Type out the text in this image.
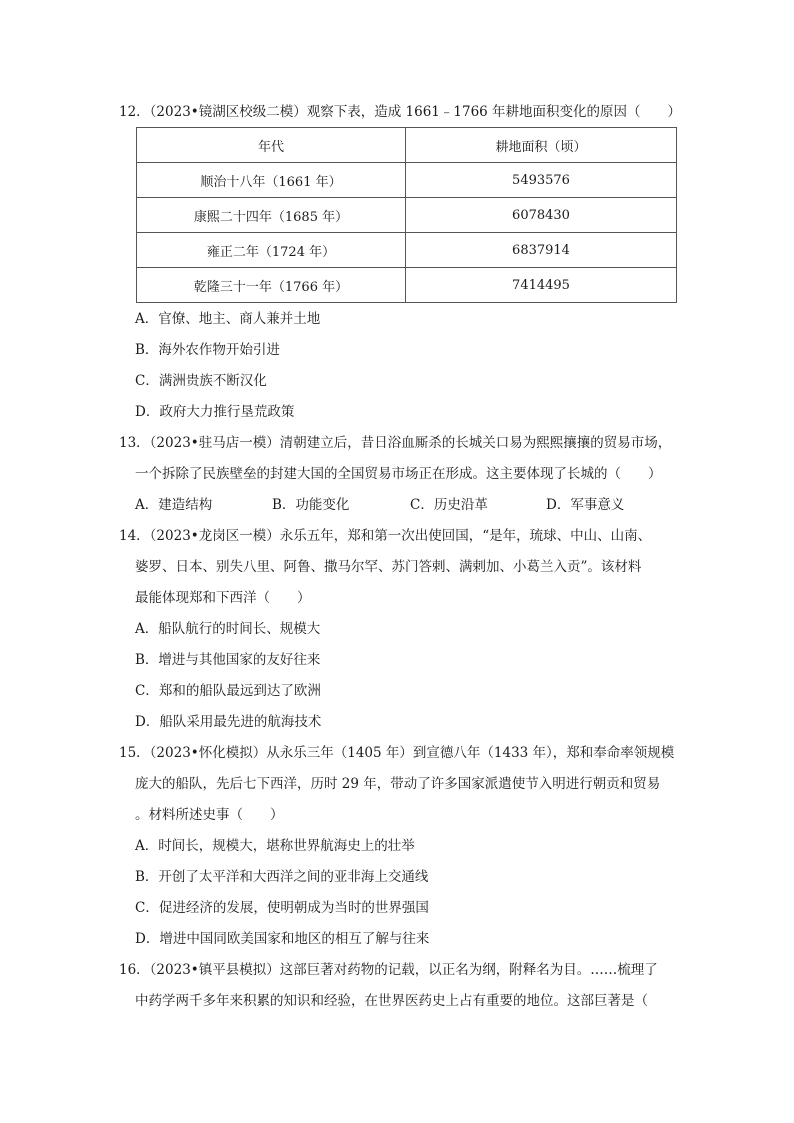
12．（2023•镜湖区校级二模）观察下表，造成 1661﹣1766 年耕地面积变化的原因（　　）
年代	耕地面积（顷）
顺治十八年（1661 年）	5493576
康熙二十四年（1685 年）	6078430
雍正二年（1724 年）	6837914
乾隆三十一年（1766 年）	7414495
A．官僚、地主、商人兼并土地
B．海外农作物开始引进
C．满洲贵族不断汉化
D．政府大力推行垦荒政策
13．（2023•驻马店一模）清朝建立后，昔日浴血厮杀的长城关口易为熙熙攘攘的贸易市场，
一个拆除了民族壁垒的封建大国的全国贸易市场正在形成。这主要体现了长城的（　　）
A．建造结构	B．功能变化	C．历史沿革	D．军事意义
14．（2023•龙岗区一模）永乐五年，郑和第一次出使回国，“是年，琉球、中山、山南、
婆罗、日本、别失八里、阿鲁、撒马尔罕、苏门答剌、满剌加、小葛兰入贡”。该材料
最能体现郑和下西洋（　　）
A．船队航行的时间长、规模大
B．增进与其他国家的友好往来
C．郑和的船队最远到达了欧洲
D．船队采用最先进的航海技术
15．（2023•怀化模拟）从永乐三年（1405 年）到宣德八年（1433 年），郑和奉命率领规模
庞大的船队，先后七下西洋，历时 29 年，带动了许多国家派遣使节入明进行朝贡和贸易
。材料所述史事（　　）
A．时间长，规模大，堪称世界航海史上的壮举
B．开创了太平洋和大西洋之间的亚非海上交通线
C．促进经济的发展，使明朝成为当时的世界强国
D．增进中国同欧美国家和地区的相互了解与往来
16．（2023•镇平县模拟）这部巨著对药物的记载，以正名为纲，附释名为目。……梳理了
中药学两千多年来积累的知识和经验，在世界医药史上占有重要的地位。这部巨著是（
